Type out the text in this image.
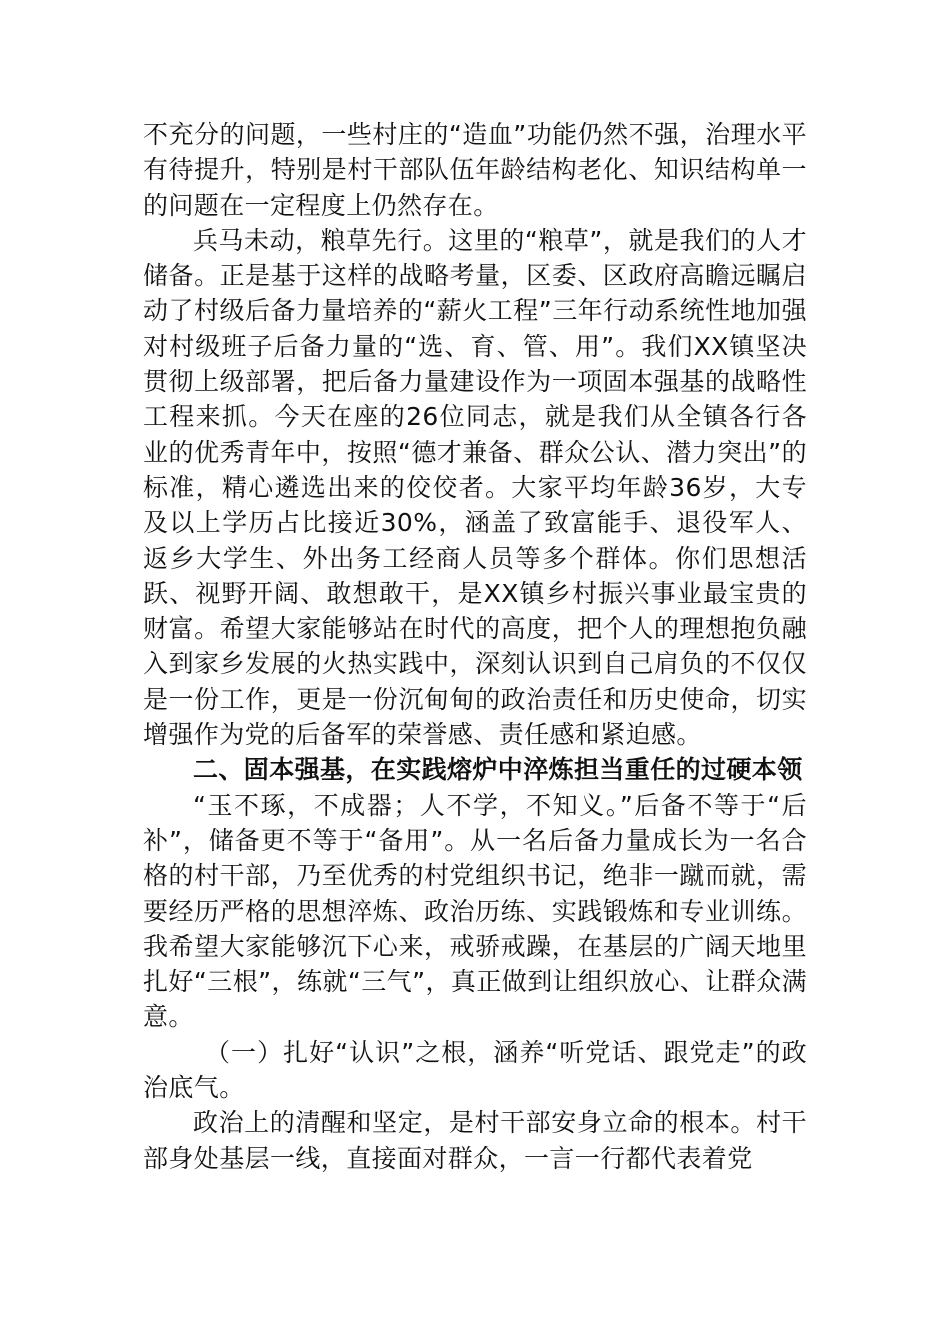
不充分的问题，一些村庄的“造血”功能仍然不强，治理水平有待提升，特别是村干部队伍年龄结构老化、知识结构单一的问题在一定程度上仍然存在。

兵马未动，粮草先行。这里的“粮草”，就是我们的人才储备。正是基于这样的战略考量，区委、区政府高瞻远瞩启动了村级后备力量培养的“薪火工程”三年行动系统性地加强对村级班子后备力量的“选、育、管、用”。我们XX镇坚决贯彻上级部署，把后备力量建设作为一项固本强基的战略性工程来抓。今天在座的26位同志，就是我们从全镇各行各业的优秀青年中，按照“德才兼备、群众公认、潜力突出”的标准，精心遴选出来的佼佼者。大家平均年龄36岁，大专及以上学历占比接近30%，涵盖了致富能手、退役军人、返乡大学生、外出务工经商人员等多个群体。你们思想活跃、视野开阔、敢想敢干，是XX镇乡村振兴事业最宝贵的财富。希望大家能够站在时代的高度，把个人的理想抱负融入到家乡发展的火热实践中，深刻认识到自己肩负的不仅仅是一份工作，更是一份沉甸甸的政治责任和历史使命，切实增强作为党的后备军的荣誉感、责任感和紧迫感。

二、固本强基，在实践熔炉中淬炼担当重任的过硬本领

“玉不琢，不成器；人不学，不知义。”后备不等于“后补”，储备更不等于“备用”。从一名后备力量成长为一名合格的村干部，乃至优秀的村党组织书记，绝非一蹴而就，需要经历严格的思想淬炼、政治历练、实践锻炼和专业训练。我希望大家能够沉下心来，戒骄戒躁，在基层的广阔天地里扎好“三根”，练就“三气”，真正做到让组织放心、让群众满意。

（一）扎好“认识”之根，涵养“听党话、跟党走”的政治底气。

政治上的清醒和坚定，是村干部安身立命的根本。村干部身处基层一线，直接面对群众，一言一行都代表着党
